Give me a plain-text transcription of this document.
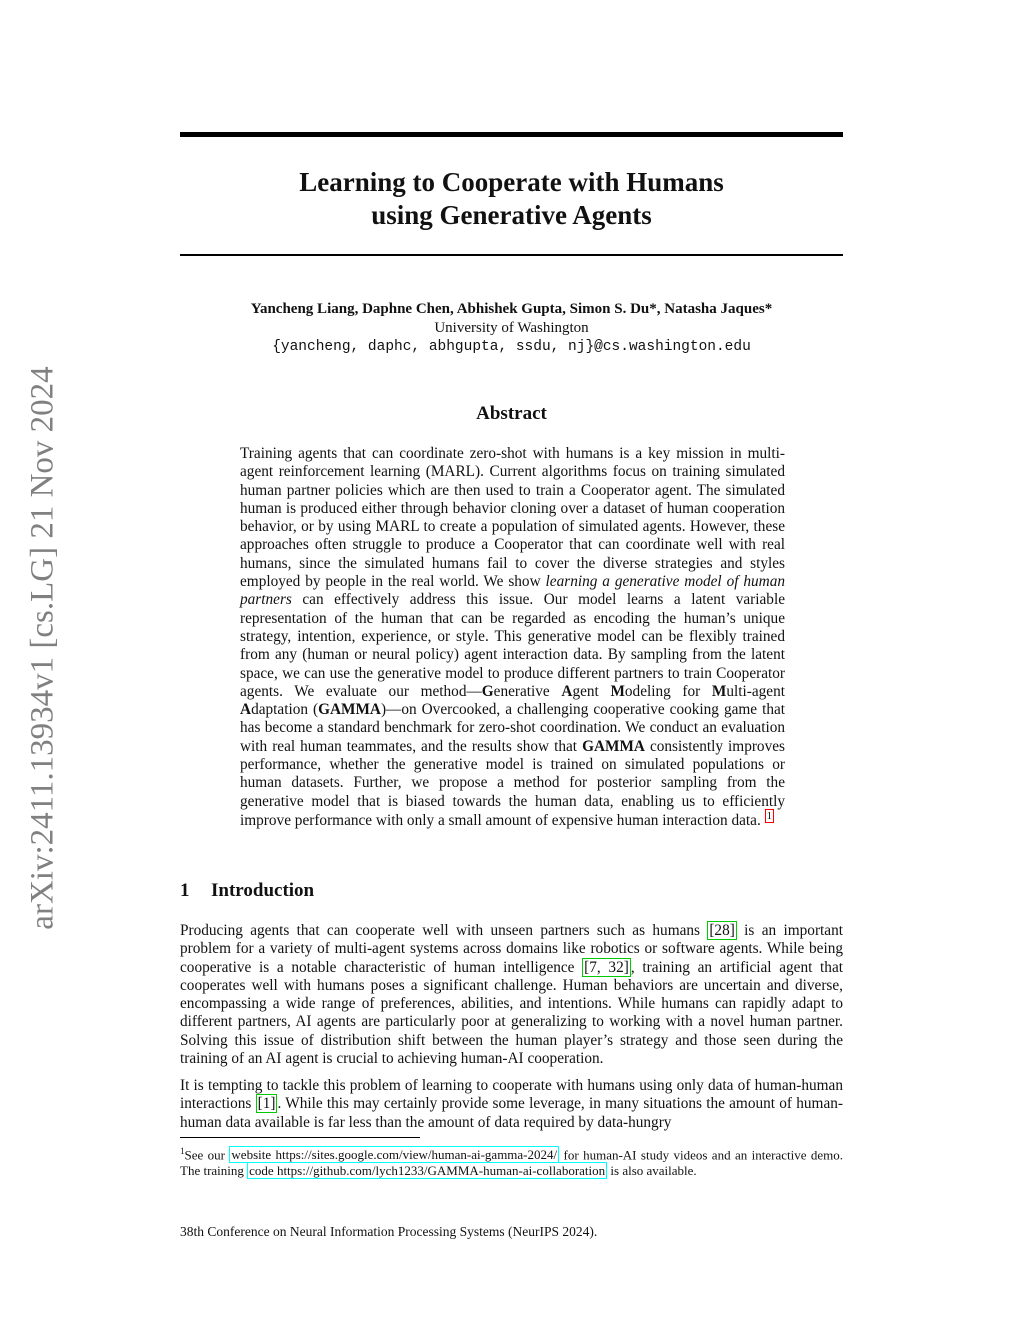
arXiv:2411.13934v1 [cs.LG] 21 Nov 2024
Learning to Cooperate with Humans
using Generative Agents
Yancheng Liang, Daphne Chen, Abhishek Gupta, Simon S. Du*, Natasha Jaques*
University of Washington
{yancheng, daphc, abhgupta, ssdu, nj}@cs.washington.edu
Abstract
Training agents that can coordinate zero-shot with humans is a key mission in multi-agent reinforcement learning (MARL). Current algorithms focus on training simulated human partner policies which are then used to train a Cooperator agent. The simulated human is produced either through behavior cloning over a dataset of human cooperation behavior, or by using MARL to create a population of simulated agents. However, these approaches often struggle to produce a Cooperator that can coordinate well with real humans, since the simulated humans fail to cover the diverse strategies and styles employed by people in the real world. We show learning a generative model of human partners can effectively address this issue. Our model learns a latent variable representation of the human that can be regarded as encoding the human’s unique strategy, intention, experience, or style. This generative model can be flexibly trained from any (human or neural policy) agent interaction data. By sampling from the latent space, we can use the generative model to produce different partners to train Cooperator agents. We evaluate our method—Generative Agent Modeling for Multi-agent Adaptation (GAMMA)—on Overcooked, a challenging cooperative cooking game that has become a standard benchmark for zero-shot coordination. We conduct an evaluation with real human teammates, and the results show that GAMMA consistently improves performance, whether the generative model is trained on simulated populations or human datasets. Further, we propose a method for posterior sampling from the generative model that is biased towards the human data, enabling us to efficiently improve performance with only a small amount of expensive human interaction data. $^1$
1 Introduction

Producing agents that can cooperate well with unseen partners such as humans [28] is an important problem for a variety of multi-agent systems across domains like robotics or software agents. While being cooperative is a notable characteristic of human intelligence [7, 32] , training an artificial agent that cooperates well with humans poses a significant challenge. Human behaviors are uncertain and diverse, encompassing a wide range of preferences, abilities, and intentions. While humans can rapidly adapt to different partners, AI agents are particularly poor at generalizing to working with a novel human partner. Solving this issue of distribution shift between the human player’s strategy and those seen during the training of an AI agent is crucial to achieving human-AI cooperation.

It is tempting to tackle this problem of learning to cooperate with humans using only data of human-human interactions [1] . While this may certainly provide some leverage, in many situations the amount of human-human data available is far less than the amount of data required by data-hungry

$^1$See our website https://sites.google.com/view/human-ai-gamma-2024/ for human-AI study videos and an interactive demo. The training code https://github.com/lych1233/GAMMA-human-ai-collaboration is also available.
38th Conference on Neural Information Processing Systems (NeurIPS 2024).
